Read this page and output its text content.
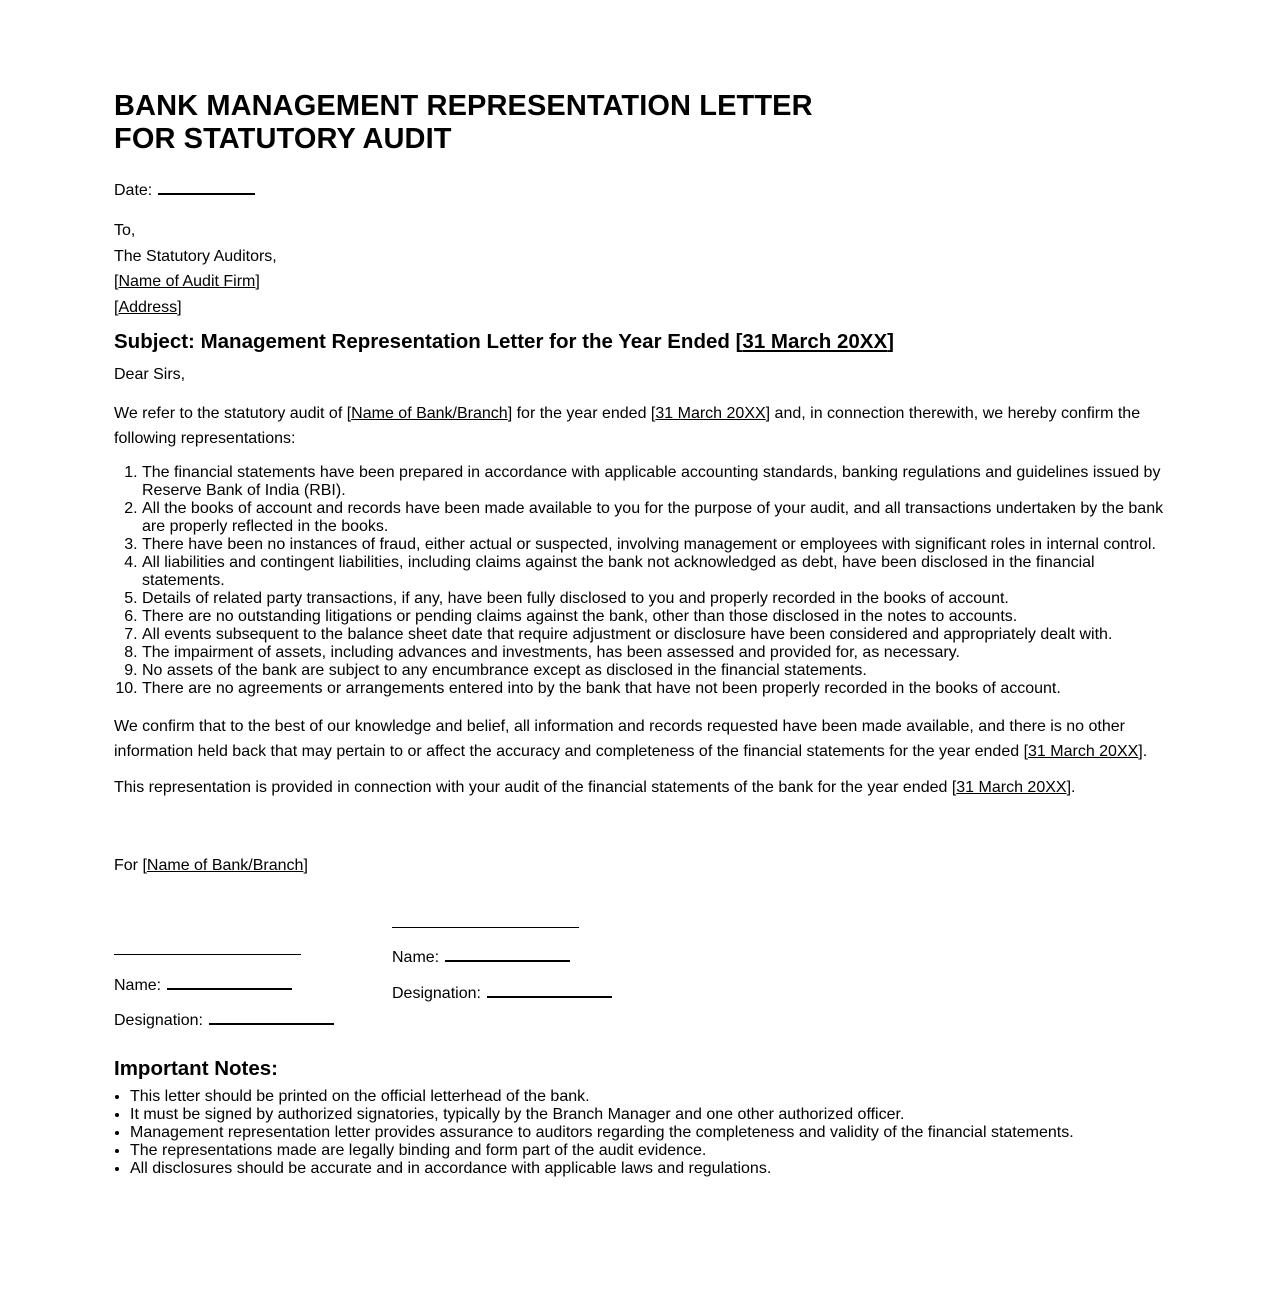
BANK MANAGEMENT REPRESENTATION LETTER
FOR STATUTORY AUDIT
Date:
To,
The Statutory Auditors,
[Name of Audit Firm]
[Address]
Subject: Management Representation Letter for the Year Ended [31 March 20XX]
Dear Sirs,

We refer to the statutory audit of [Name of Bank/Branch] for the year ended [31 March 20XX] and, in connection therewith, we hereby confirm the following representations:

1. The financial statements have been prepared in accordance with applicable accounting standards, banking regulations and guidelines issued by Reserve Bank of India (RBI).
2. All the books of account and records have been made available to you for the purpose of your audit, and all transactions undertaken by the bank are properly reflected in the books.
3. There have been no instances of fraud, either actual or suspected, involving management or employees with significant roles in internal control.
4. All liabilities and contingent liabilities, including claims against the bank not acknowledged as debt, have been disclosed in the financial statements.
5. Details of related party transactions, if any, have been fully disclosed to you and properly recorded in the books of account.
6. There are no outstanding litigations or pending claims against the bank, other than those disclosed in the notes to accounts.
7. All events subsequent to the balance sheet date that require adjustment or disclosure have been considered and appropriately dealt with.
8. The impairment of assets, including advances and investments, has been assessed and provided for, as necessary.
9. No assets of the bank are subject to any encumbrance except as disclosed in the financial statements.
10. There are no agreements or arrangements entered into by the bank that have not been properly recorded in the books of account.

We confirm that to the best of our knowledge and belief, all information and records requested have been made available, and there is no other information held back that may pertain to or affect the accuracy and completeness of the financial statements for the year ended [31 March 20XX].

This representation is provided in connection with your audit of the financial statements of the bank for the year ended [31 March 20XX].

For [Name of Bank/Branch]
Name:
Designation:
Name:
Designation:
Important Notes:
• This letter should be printed on the official letterhead of the bank.
• It must be signed by authorized signatories, typically by the Branch Manager and one other authorized officer.
• Management representation letter provides assurance to auditors regarding the completeness and validity of the financial statements.
• The representations made are legally binding and form part of the audit evidence.
• All disclosures should be accurate and in accordance with applicable laws and regulations.
